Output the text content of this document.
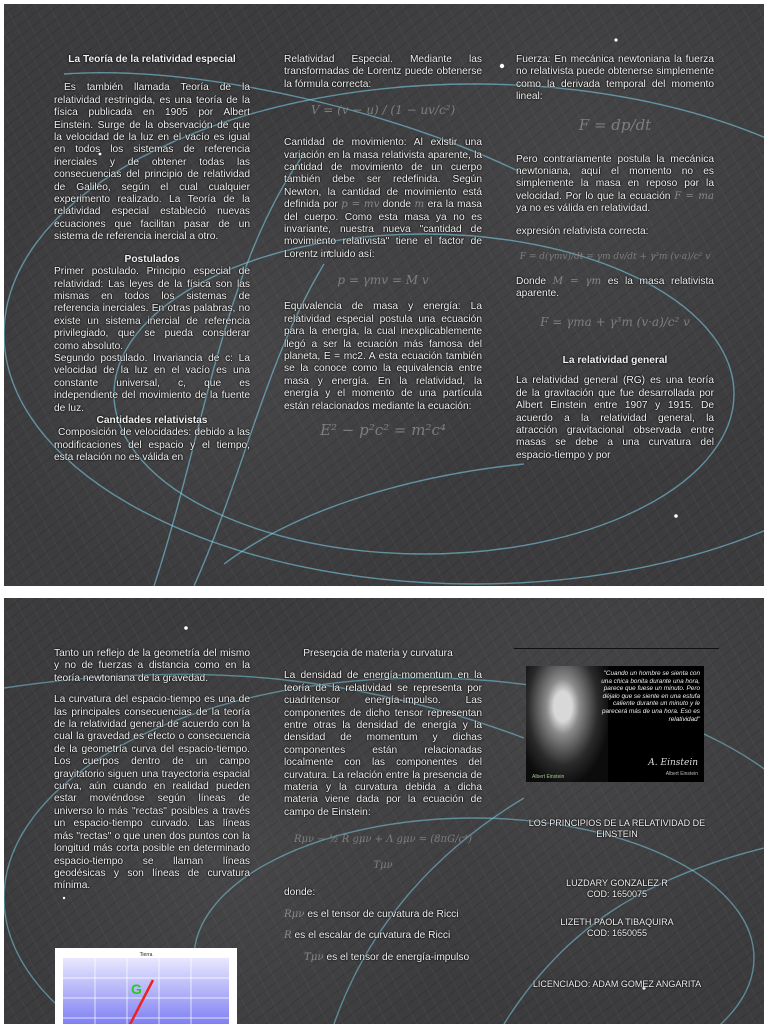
La Teoría de la relatividad especial

Es también llamada Teoría de la relatividad restringida, es una teoría de la física publicada en 1905 por Albert Einstein. Surge de la observación de que la velocidad de la luz en el vacío es igual en todos los sistemas de referencia inerciales y de obtener todas las consecuencias del principio de relatividad de Galileo, según el cual cualquier experimento realizado. La Teoría de la relatividad especial estableció nuevas ecuaciones que facilitan pasar de un sistema de referencia inercial a otro.

Postulados

Primer postulado. Principio especial de relatividad: Las leyes de la física son las mismas en todos los sistemas de referencia inerciales. En otras palabras, no existe un sistema inercial de referencia privilegiado, que se pueda considerar como absoluto.

Segundo postulado. Invariancia de c: La velocidad de la luz en el vacío es una constante universal, c, que es independiente del movimiento de la fuente de luz.

Cantidades relativistas

Composición de velocidades: debido a las modificaciones del espacio y el tiempo, esta relación no es válida en

Relatividad Especial. Mediante las transformadas de Lorentz puede obtenerse la fórmula correcta:

V = (v − u) / (1 − uv/c²)

Cantidad de movimiento: Al existir una variación en la masa relativista aparente, la cantidad de movimiento de un cuerpo también debe ser redefinida. Según Newton, la cantidad de movimiento está definida por p = mv donde m era la masa del cuerpo. Como esta masa ya no es invariante, nuestra nueva "cantidad de movimiento relativista" tiene el factor de Lorentz incluido así:

p = γmv = M v

Equivalencia de masa y energía: La relatividad especial postula una ecuación para la energía, la cual inexplicablemente llegó a ser la ecuación más famosa del planeta, E = mc2. A esta ecuación también se la conoce como la equivalencia entre masa y energía. En la relatividad, la energía y el momento de una partícula están relacionados mediante la ecuación:

E² − p²c² = m²c⁴

Fuerza: En mecánica newtoniana la fuerza no relativista puede obtenerse simplemente como la derivada temporal del momento lineal:

F = dp/dt

Pero contrariamente postula la mecánica newtoniana, aquí el momento no es simplemente la masa en reposo por la velocidad. Por lo que la ecuación F = ma ya no es válida en relatividad.

expresión relativista correcta:

F = d(γmv)/dt = γm dv/dt + γ³m (v·a)/c² v

Donde M = γm es la masa relativista aparente.

F = γma + γ³m (v·a)/c² v

La relatividad general

La relatividad general (RG) es una teoría de la gravitación que fue desarrollada por Albert Einstein entre 1907 y 1915. De acuerdo a la relatividad general, la atracción gravitacional observada entre masas se debe a una curvatura del espacio-tiempo y por

Tanto un reflejo de la geometría del mismo y no de fuerzas a distancia como en la teoría newtoniana de la gravedad.

La curvatura del espacio-tiempo es una de las principales consecuencias de la teoría de la relatividad general de acuerdo con la cual la gravedad es efecto o consecuencia de la geometría curva del espacio-tiempo. Los cuerpos dentro de un campo gravitatorio siguen una trayectoria espacial curva, aún cuando en realidad pueden estar moviéndose según líneas de universo lo más "rectas" posibles a través un espacio-tiempo curvado. Las líneas más "rectas" o que unen dos puntos con la longitud más corta posible en determinado espacio-tiempo se llaman líneas geodésicas y son líneas de curvatura mínima.

Tierra
G

Presencia de materia y curvatura

La densidad de energía-momentum en la teoría de la relatividad se representa por cuadritensor energía-impulso. Las componentes de dicho tensor representan entre otras la densidad de energía y la densidad de momentum y dichas componentes están relacionadas localmente con las componentes del curvatura. La relación entre la presencia de materia y la curvatura debida a dicha materia viene dada por la ecuación de campo de Einstein:

Rμν − ½ R gμν + Λ gμν = (8πG/c⁴) Tμν

donde:

Rμν es el tensor de curvatura de Ricci

R es el escalar de curvatura de Ricci

Tμν es el tensor de energía-impulso

"Cuando un hombre se sienta con una chica bonita durante una hora, parece que fuese un minuto. Pero déjalo que se siente en una estufa caliente durante un minuto y le parecerá más de una hora. Eso es relatividad"
A. Einstein
Albert Einstein
Albert Einstein

LOS PRINCIPIOS DE LA RELATIVIDAD DE EINSTEIN

LUZDARY GONZALEZ R

COD: 1650075

LIZETH PAOLA TIBAQUIRA

COD: 1650055

LICENCIADO: ADAM GOMEZ ANGARITA
